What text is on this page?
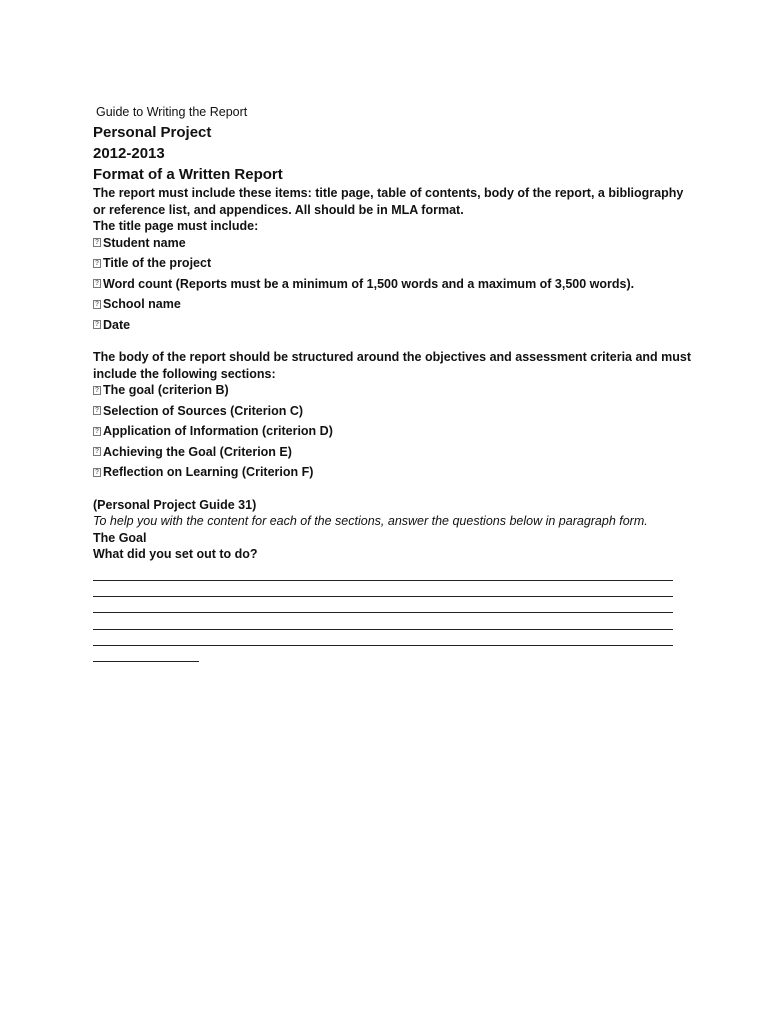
Guide to Writing the Report

Personal Project

2012-2013

Format of a Written Report

The report must include these items: title page, table of contents, body of the report, a bibliography or reference list, and appendices. All should be in MLA format.

The title page must include:

? Student name
? Title of the project
? Word count (Reports must be a minimum of 1,500 words and a maximum of 3,500 words).
? School name
? Date

The body of the report should be structured around the objectives and assessment criteria and must include the following sections:

? The goal (criterion B)
? Selection of Sources (Criterion C)
? Application of Information (criterion D)
? Achieving the Goal (Criterion E)
? Reflection on Learning (Criterion F)

(Personal Project Guide 31)

To help you with the content for each of the sections, answer the questions below in paragraph form.

The Goal

What did you set out to do?
